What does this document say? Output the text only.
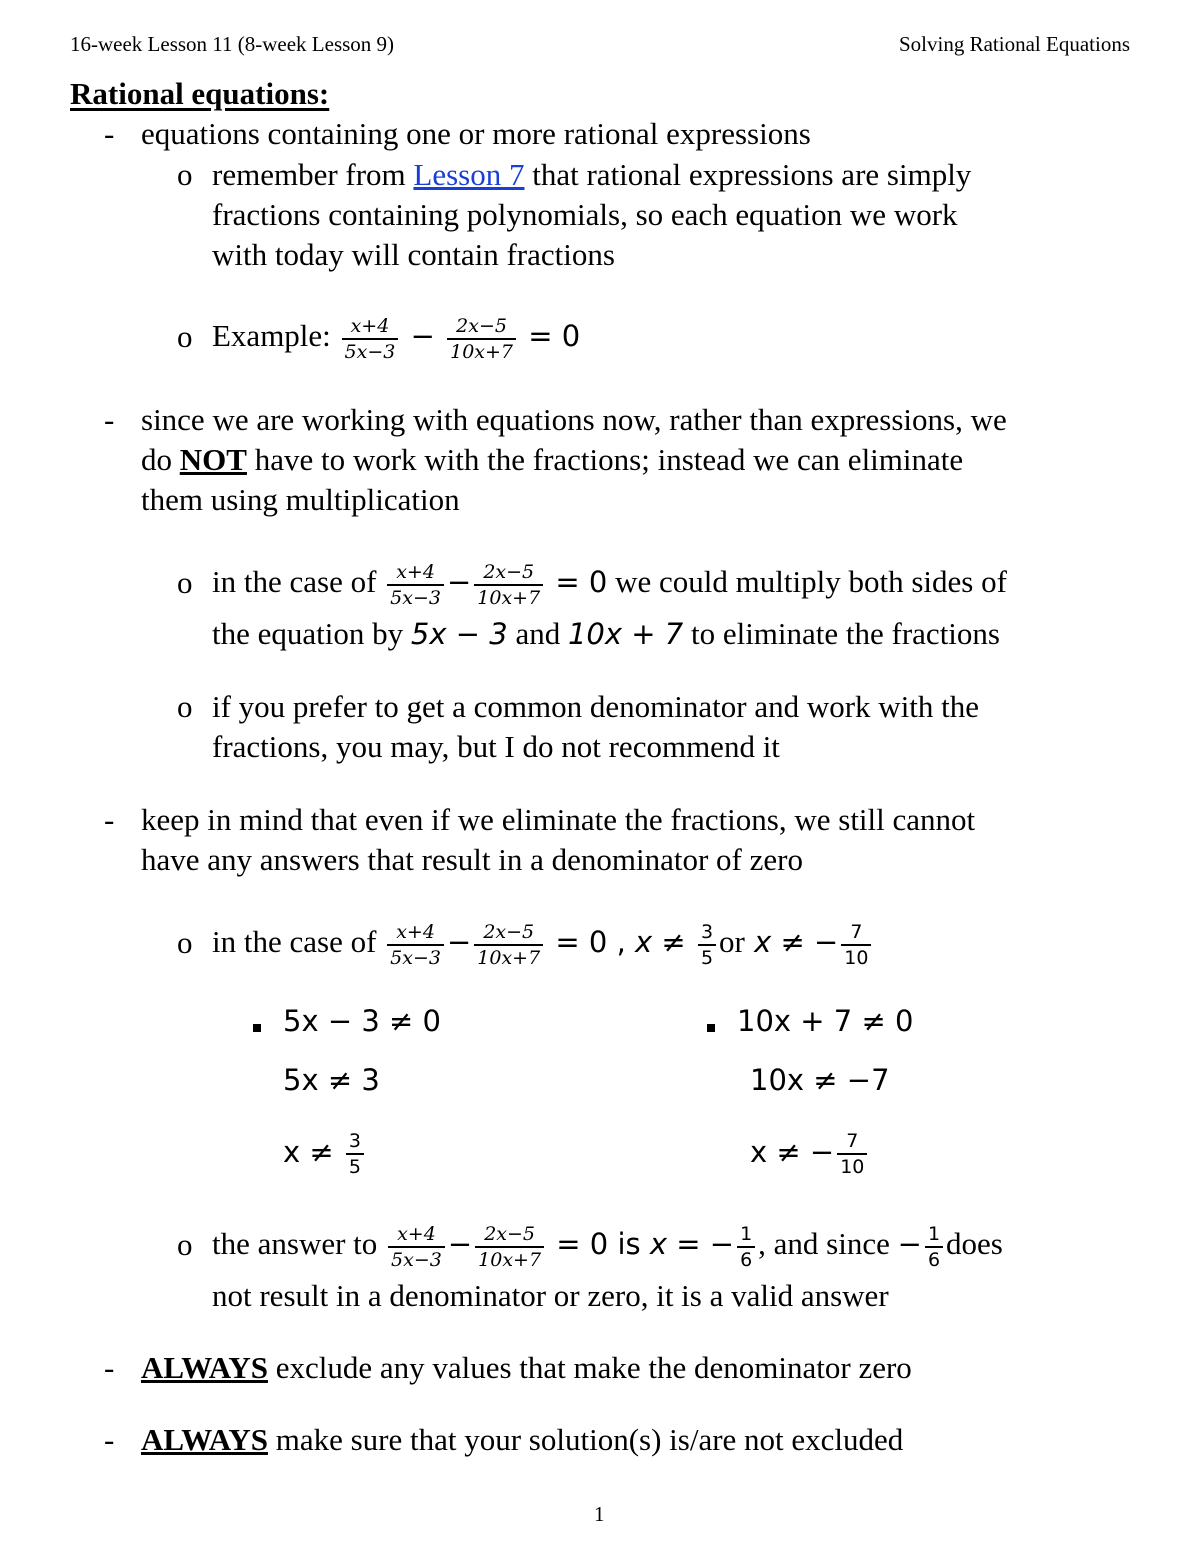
16-week Lesson 11 (8-week Lesson 9)	Solving Rational Equations
Rational equations:
- equations containing one or more rational expressions
o remember from Lesson 7 that rational expressions are simply
fractions containing polynomials, so each equation we work
with today will contain fractions
o Example: $\frac{x+4}{5x-3} - \frac{2x-5}{10x+7} = 0$
- since we are working with equations now, rather than expressions, we
do NOT have to work with the fractions; instead we can eliminate
them using multiplication
o in the case of $\frac{x+4}{5x-3} - \frac{2x-5}{10x+7} = 0$ we could multiply both sides of
the equation by 5x − 3 and 10x + 7 to eliminate the fractions
o if you prefer to get a common denominator and work with the
fractions, you may, but I do not recommend it
- keep in mind that even if we eliminate the fractions, we still cannot
have any answers that result in a denominator of zero
o in the case of $\frac{x+4}{5x-3} - \frac{2x-5}{10x+7} = 0$ , $x \ne \frac{3}{5}$ or x ≠ − $\frac{7}{10}$
5x − 3 ≠ 0
5x ≠ 3
$x \ne \frac{3}{5}$
10x + 7 ≠ 0
10x ≠ −7
x ≠ − $\frac{7}{10}$
o the answer to $\frac{x+4}{5x-3} - \frac{2x-5}{10x+7} = 0$ is x = − $\frac{1}{6}$ , and since − $\frac{1}{6}$ does
not result in a denominator or zero, it is a valid answer
- ALWAYS exclude any values that make the denominator zero
- ALWAYS make sure that your solution(s) is/are not excluded
1
